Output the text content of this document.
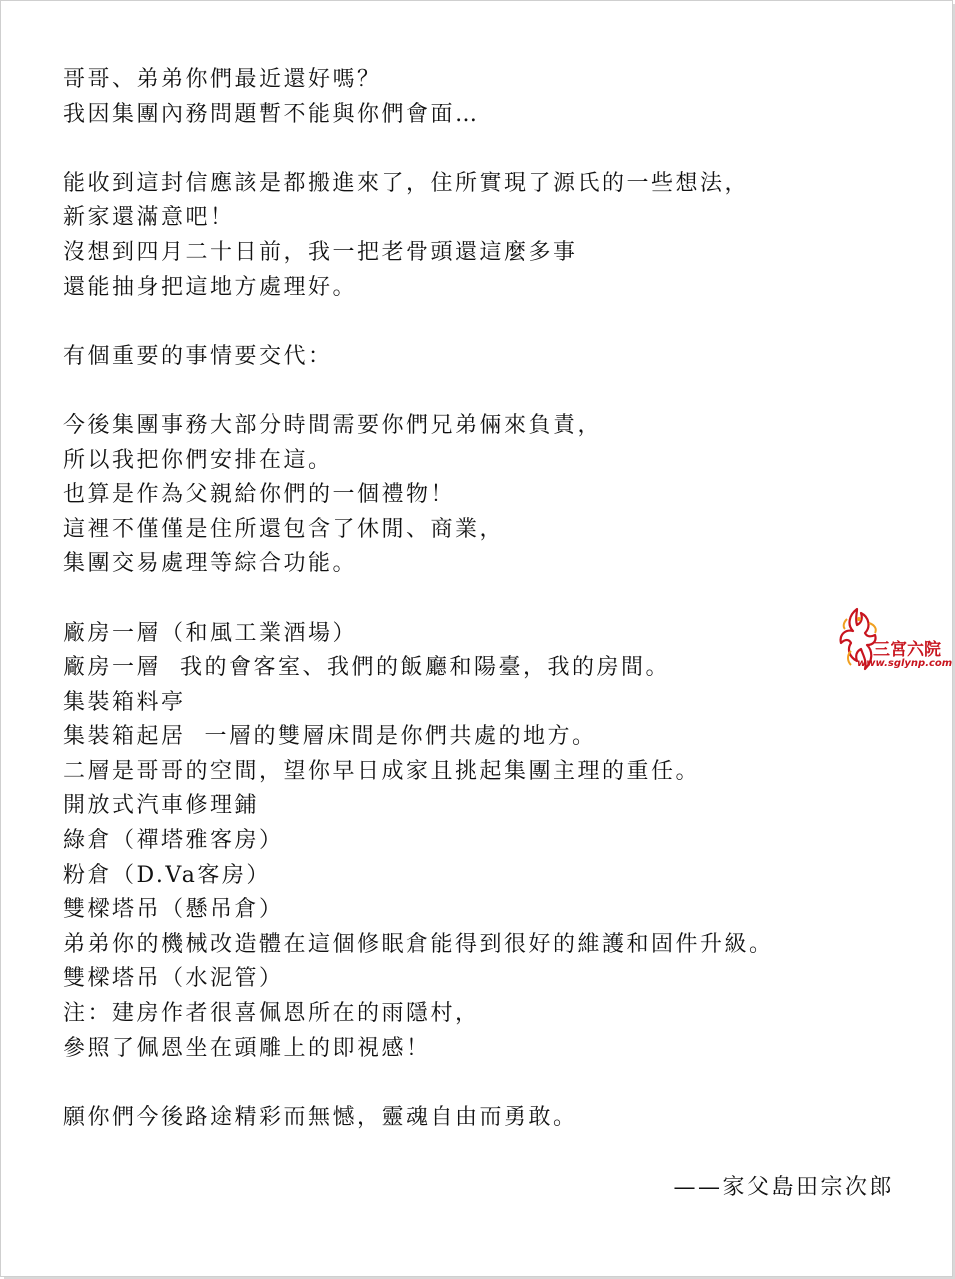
哥哥、弟弟你們最近還好嗎？
我因集團內務問題暫不能與你們會面…
能收到這封信應該是都搬進來了，住所實現了源氏的一些想法，
新家還滿意吧！
沒想到四月二十日前，我一把老骨頭還這麼多事
還能抽身把這地方處理好。
有個重要的事情要交代：
今後集團事務大部分時間需要你們兄弟倆來負責，
所以我把你們安排在這。
也算是作為父親給你們的一個禮物！
這裡不僅僅是住所還包含了休閒、商業，
集團交易處理等綜合功能。
廠房一層（和風工業酒場）
廠房一層  我的會客室、我們的飯廳和陽臺，我的房間。
集裝箱料亭
集裝箱起居  一層的雙層床間是你們共處的地方。
二層是哥哥的空間，望你早日成家且挑起集團主理的重任。
開放式汽車修理鋪
綠倉（禪塔雅客房）
粉倉（D.Va客房）
雙樑塔吊（懸吊倉）
弟弟你的機械改造體在這個修眠倉能得到很好的維護和固件升級。
雙樑塔吊（水泥管）
注：建房作者很喜佩恩所在的雨隱村，
參照了佩恩坐在頭雕上的即視感！
願你們今後路途精彩而無憾，靈魂自由而勇敢。
——家父島田宗次郎
三宮六院
www.sglynp.com
